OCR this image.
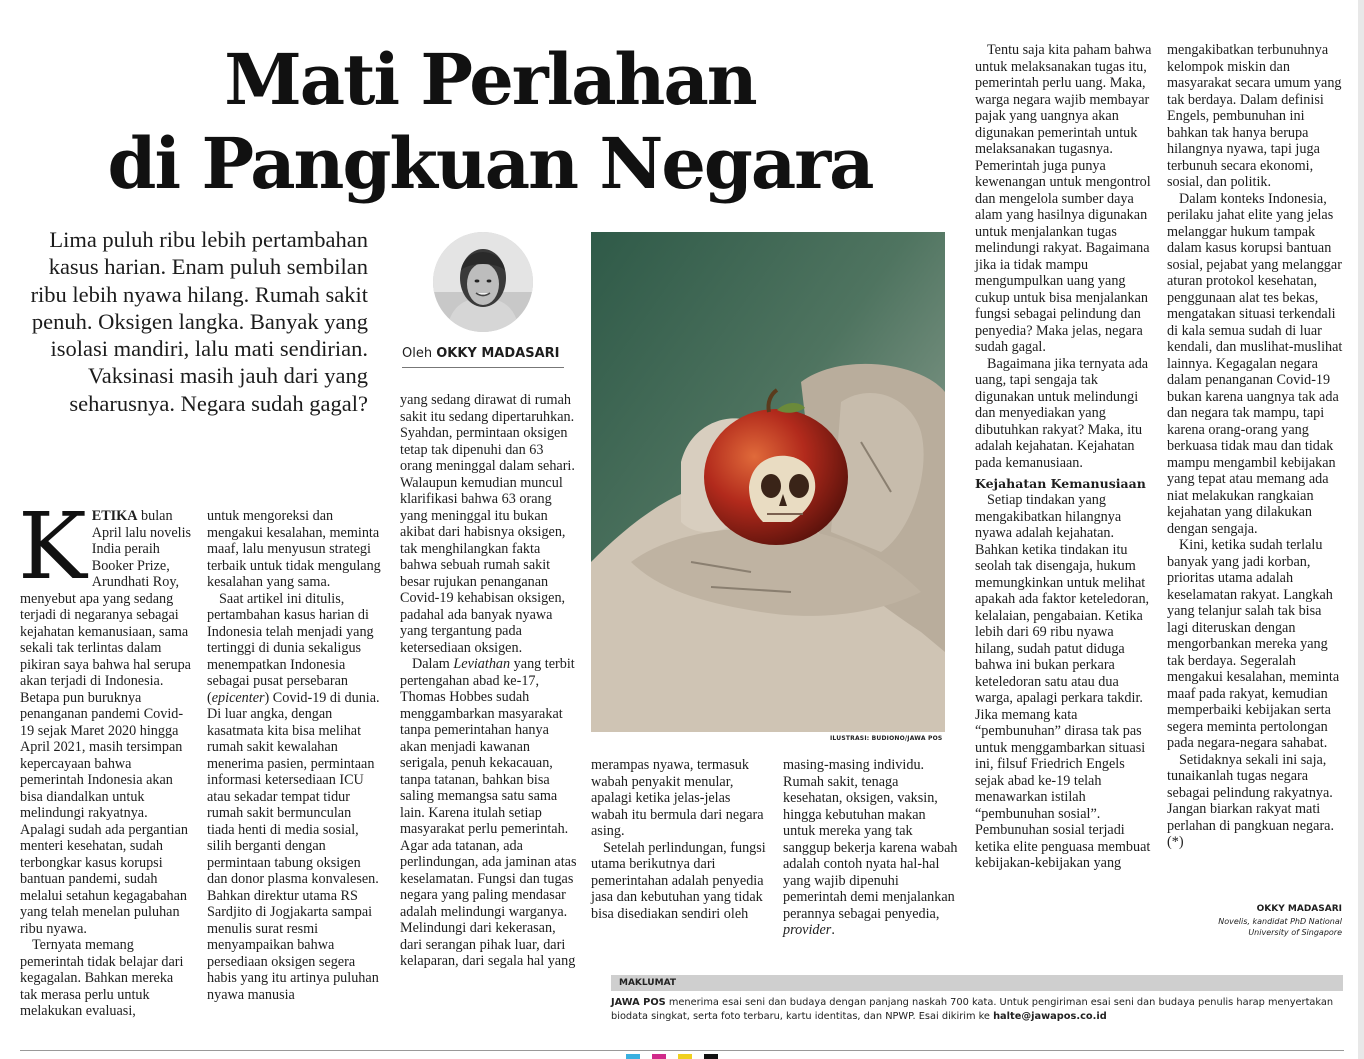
Mati Perlahan
di Pangkuan Negara
Lima puluh ribu lebih pertambahan kasus harian. Enam puluh sembilan ribu lebih nyawa hilang. Rumah sakit penuh. Oksigen langka. Banyak yang isolasi mandiri, lalu mati sendirian. Vaksinasi masih jauh dari yang seharusnya. Negara sudah gagal?
Oleh OKKY MADASARI
K ETIKA bulan April lalu novelis India peraih Booker Prize, Arundhati Roy, menyebut apa yang sedang terjadi di negaranya sebagai kejahatan kemanusiaan, sama sekali tak terlintas dalam pikiran saya bahwa hal serupa akan terjadi di Indonesia. Betapa pun buruknya penanganan pandemi Covid-19 sejak Maret 2020 hingga April 2021, masih tersimpan kepercayaan bahwa pemerintah Indonesia akan bisa diandalkan untuk melindungi rakyatnya. Apalagi sudah ada pergantian menteri kesehatan, sudah terbongkar kasus korupsi bantuan pandemi, sudah melalui setahun kegagabahan yang telah menelan puluhan ribu nyawa.

Ternyata memang pemerintah tidak belajar dari kegagalan. Bahkan mereka tak merasa perlu untuk melakukan evaluasi,

untuk mengoreksi dan mengakui kesalahan, meminta maaf, lalu menyusun strategi terbaik untuk tidak mengulang kesalahan yang sama.

Saat artikel ini ditulis, pertambahan kasus harian di Indonesia telah menjadi yang tertinggi di dunia sekaligus menempatkan Indonesia sebagai pusat persebaran (epicenter) Covid-19 di dunia. Di luar angka, dengan kasatmata kita bisa melihat rumah sakit kewalahan menerima pasien, permintaan informasi ketersediaan ICU atau sekadar tempat tidur rumah sakit bermunculan tiada henti di media sosial, silih berganti dengan permintaan tabung oksigen dan donor plasma konvalesen. Bahkan direktur utama RS Sardjito di Jogjakarta sampai menulis surat resmi menyampaikan bahwa persediaan oksigen segera habis yang itu artinya puluhan nyawa manusia

yang sedang dirawat di rumah sakit itu sedang dipertaruhkan. Syahdan, permintaan oksigen tetap tak dipenuhi dan 63 orang meninggal dalam sehari. Walaupun kemudian muncul klarifikasi bahwa 63 orang yang meninggal itu bukan akibat dari habisnya oksigen, tak menghilangkan fakta bahwa sebuah rumah sakit besar rujukan penanganan Covid-19 kehabisan oksigen, padahal ada banyak nyawa yang tergantung pada ketersediaan oksigen.

Dalam Leviathan yang terbit pertengahan abad ke-17, Thomas Hobbes sudah menggambarkan masyarakat tanpa pemerintahan hanya akan menjadi kawanan serigala, penuh kekacauan, tanpa tatanan, bahkan bisa saling memangsa satu sama lain. Karena itulah setiap masyarakat perlu pemerintah. Agar ada tatanan, ada perlindungan, ada jaminan atas keselamatan. Fungsi dan tugas negara yang paling mendasar adalah melindungi warganya. Melindungi dari kekerasan, dari serangan pihak luar, dari kelaparan, dari segala hal yang

ILUSTRASI: BUDIONO/JAWA POS

merampas nyawa, termasuk wabah penyakit menular, apalagi ketika jelas-jelas wabah itu bermula dari negara asing.

Setelah perlindungan, fungsi utama berikutnya dari pemerintahan adalah penyedia jasa dan kebutuhan yang tidak bisa disediakan sendiri oleh

masing-masing individu. Rumah sakit, tenaga kesehatan, oksigen, vaksin, hingga kebutuhan makan untuk mereka yang tak sanggup bekerja karena wabah adalah contoh nyata hal-hal yang wajib dipenuhi pemerintah demi menjalankan perannya sebagai penyedia, provider.

Tentu saja kita paham bahwa untuk melaksanakan tugas itu, pemerintah perlu uang. Maka, warga negara wajib membayar pajak yang uangnya akan digunakan pemerintah untuk melaksanakan tugasnya. Pemerintah juga punya kewenangan untuk mengontrol dan mengelola sumber daya alam yang hasilnya digunakan untuk menjalankan tugas melindungi rakyat. Bagaimana jika ia tidak mampu mengumpulkan uang yang cukup untuk bisa menjalankan fungsi sebagai pelindung dan penyedia? Maka jelas, negara sudah gagal.

Bagaimana jika ternyata ada uang, tapi sengaja tak digunakan untuk melindungi dan menyediakan yang dibutuhkan rakyat? Maka, itu adalah kejahatan. Kejahatan pada kemanusiaan.

Kejahatan Kemanusiaan

Setiap tindakan yang mengakibatkan hilangnya nyawa adalah kejahatan. Bahkan ketika tindakan itu seolah tak disengaja, hukum memungkinkan untuk melihat apakah ada faktor keteledoran, kelalaian, pengabaian. Ketika lebih dari 69 ribu nyawa hilang, sudah patut diduga bahwa ini bukan perkara keteledoran satu atau dua warga, apalagi perkara takdir. Jika memang kata “pembunuhan” dirasa tak pas untuk menggambarkan situasi ini, filsuf Friedrich Engels sejak abad ke-19 telah menawarkan istilah “pembunuhan sosial”. Pembunuhan sosial terjadi ketika elite penguasa membuat kebijakan-kebijakan yang

mengakibatkan terbunuhnya kelompok miskin dan masyarakat secara umum yang tak berdaya. Dalam definisi Engels, pembunuhan ini bahkan tak hanya berupa hilangnya nyawa, tapi juga terbunuh secara ekonomi, sosial, dan politik.

Dalam konteks Indonesia, perilaku jahat elite yang jelas melanggar hukum tampak dalam kasus korupsi bantuan sosial, pejabat yang melanggar aturan protokol kesehatan, penggunaan alat tes bekas, mengatakan situasi terkendali di kala semua sudah di luar kendali, dan muslihat-muslihat lainnya. Kegagalan negara dalam penanganan Covid-19 bukan karena uangnya tak ada dan negara tak mampu, tapi karena orang-orang yang berkuasa tidak mau dan tidak mampu mengambil kebijakan yang tepat atau memang ada niat melakukan rangkaian kejahatan yang dilakukan dengan sengaja.

Kini, ketika sudah terlalu banyak yang jadi korban, prioritas utama adalah keselamatan rakyat. Langkah yang telanjur salah tak bisa lagi diteruskan dengan mengorbankan mereka yang tak berdaya. Segeralah mengakui kesalahan, meminta maaf pada rakyat, kemudian memperbaiki kebijakan serta segera meminta pertolongan pada negara-negara sahabat.

Setidaknya sekali ini saja, tunaikanlah tugas negara sebagai pelindung rakyatnya. Jangan biarkan rakyat mati perlahan di pangkuan negara. (*)

OKKY MADASARI
Novelis, kandidat PhD National
University of Singapore
MAKLUMAT
JAWA POS menerima esai seni dan budaya dengan panjang naskah 700 kata. Untuk pengiriman esai seni dan budaya penulis harap menyertakan biodata singkat, serta foto terbaru, kartu identitas, dan NPWP. Esai dikirim ke halte@jawapos.co.id
